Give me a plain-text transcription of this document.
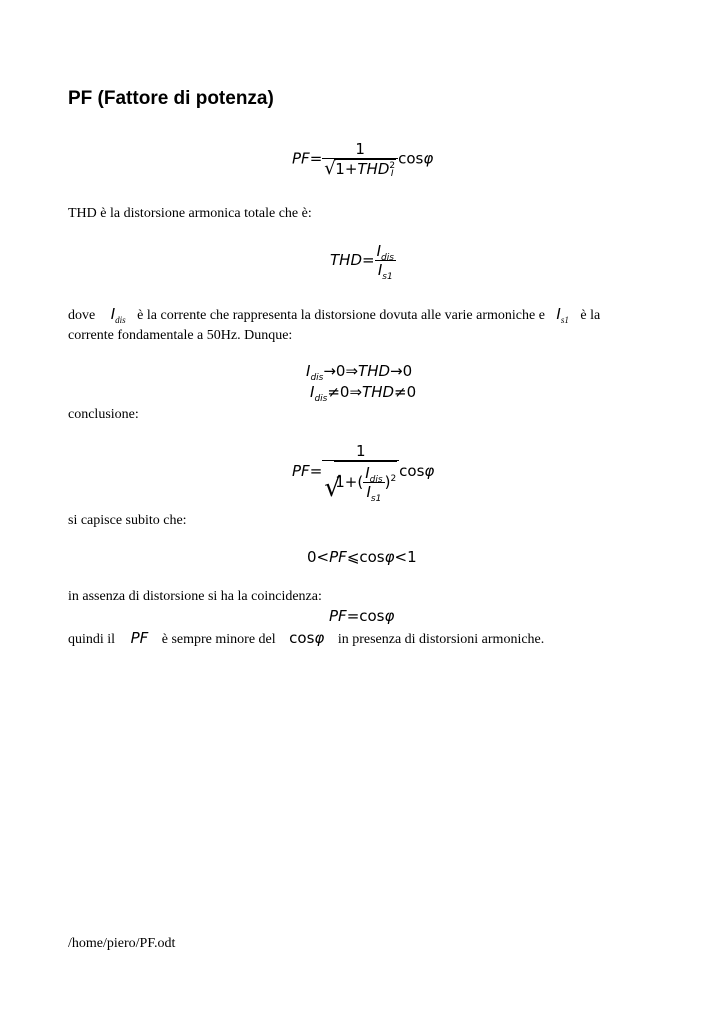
PF (Fattore di potenza)
PF= 1
√ 1+THD 2
I cosφ
THD è la distorsione armonica totale che è:
$THD= \frac{I_{dis}}{I_{s1}}$
dove $I_{dis}$ è la corrente che rappresenta la distorsione dovuta alle varie armoniche e $I_{s1}$ è la
corrente fondamentale a 50Hz. Dunque:
$I_{dis}\to 0\Rightarrow THD\to 0$
$I_{dis}\ne 0\Rightarrow THD\ne 0$
conclusione:
PF= 1
√
$1+( \frac{I_{dis}}{I_{s1}} )^2$ cosφ
si capisce subito che:
0<PF⩽cosφ<1
in assenza di distorsione si ha la coincidenza:
PF=cosφ
quindi il PF è sempre minore del cosφ in presenza di distorsioni armoniche.
/home/piero/PF.odt
